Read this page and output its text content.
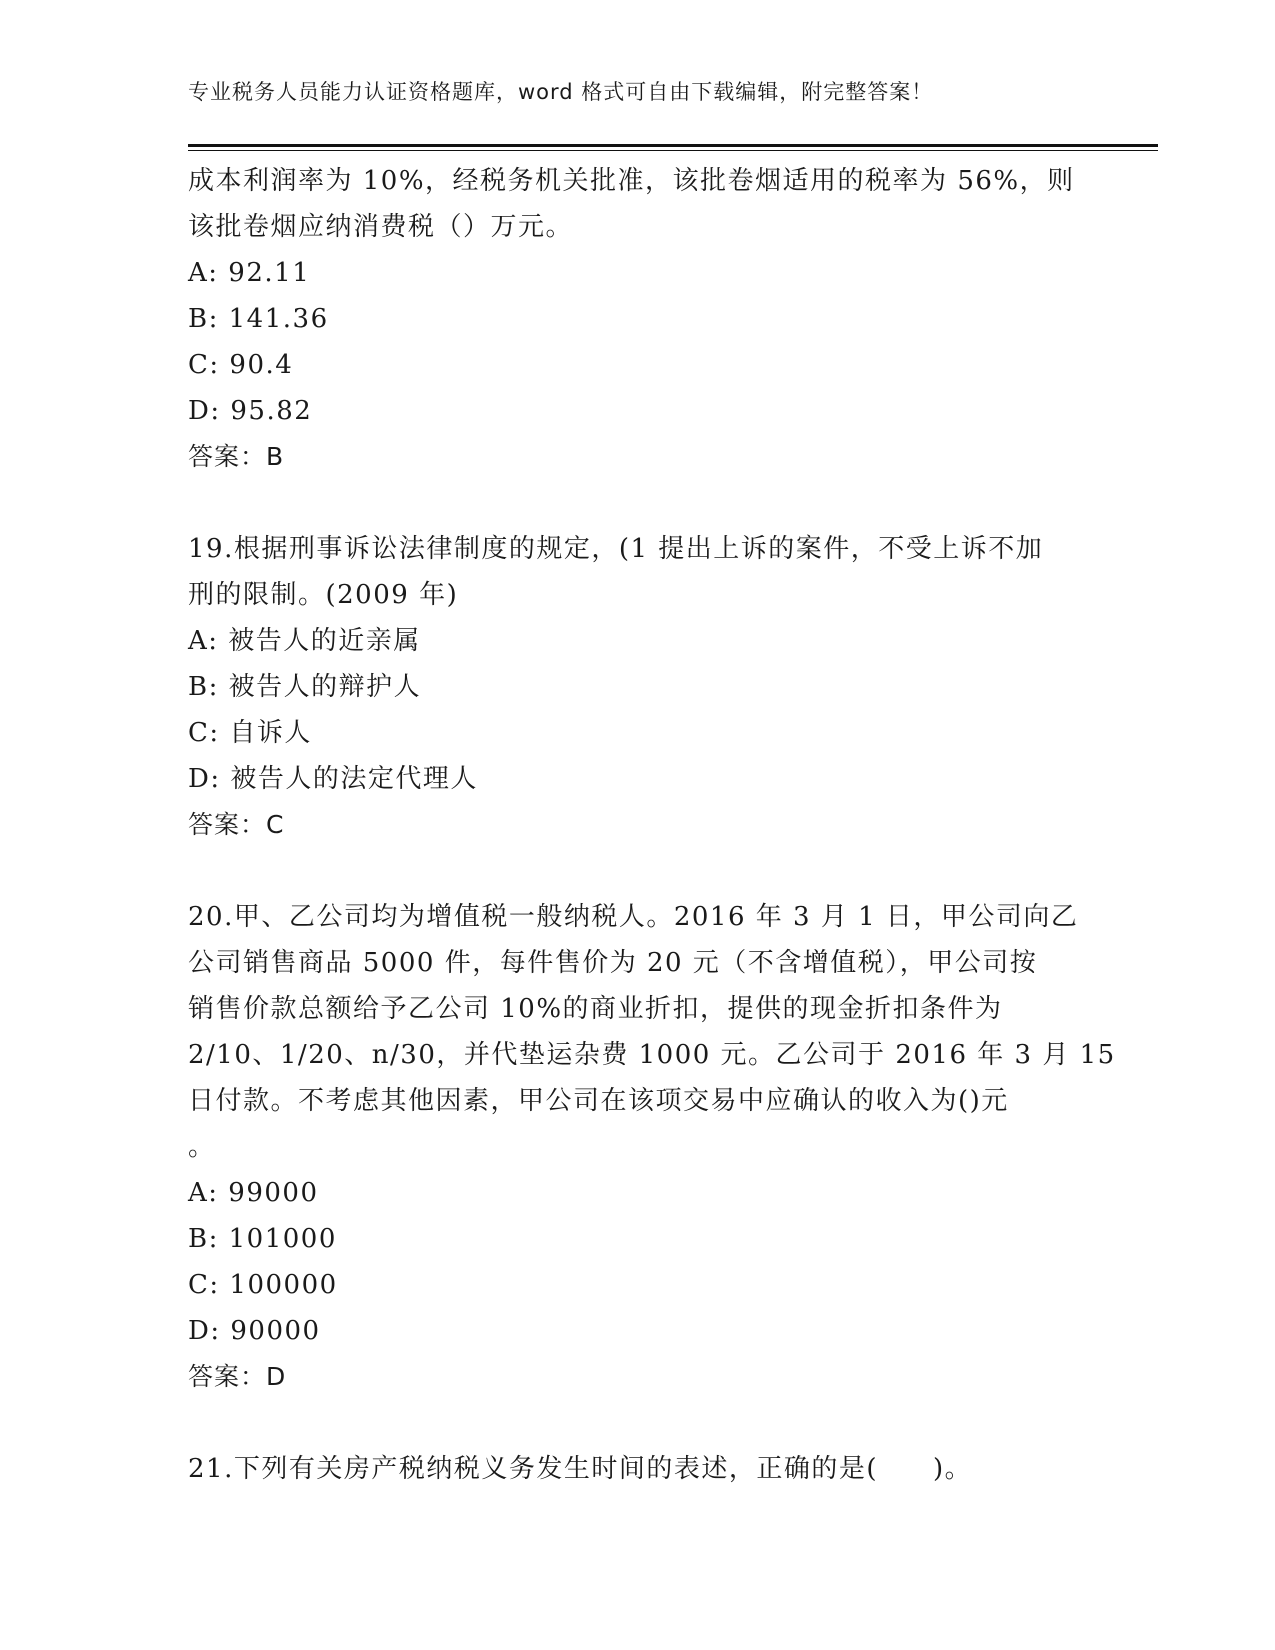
专业税务人员能力认证资格题库，word 格式可自由下载编辑，附完整答案！
成本利润率为 10%，经税务机关批准，该批卷烟适用的税率为 56%，则
该批卷烟应纳消费税（）万元。
A: 92.11
B: 141.36
C: 90.4
D: 95.82
答案：B
19.根据刑事诉讼法律制度的规定，(1 提出上诉的案件，不受上诉不加
刑的限制。(2009 年)
A: 被告人的近亲属
B: 被告人的辩护人
C: 自诉人
D: 被告人的法定代理人
答案：C
20.甲、乙公司均为增值税一般纳税人。2016 年 3 月 1 日，甲公司向乙
公司销售商品 5000 件，每件售价为 20 元（不含增值税），甲公司按
销售价款总额给予乙公司 10%的商业折扣，提供的现金折扣条件为
2/10、1/20、n/30，并代垫运杂费 1000 元。乙公司于 2016 年 3 月 15
日付款。不考虑其他因素，甲公司在该项交易中应确认的收入为()元
。
A: 99000
B: 101000
C: 100000
D: 90000
答案：D
21.下列有关房产税纳税义务发生时间的表述，正确的是(　　)。
